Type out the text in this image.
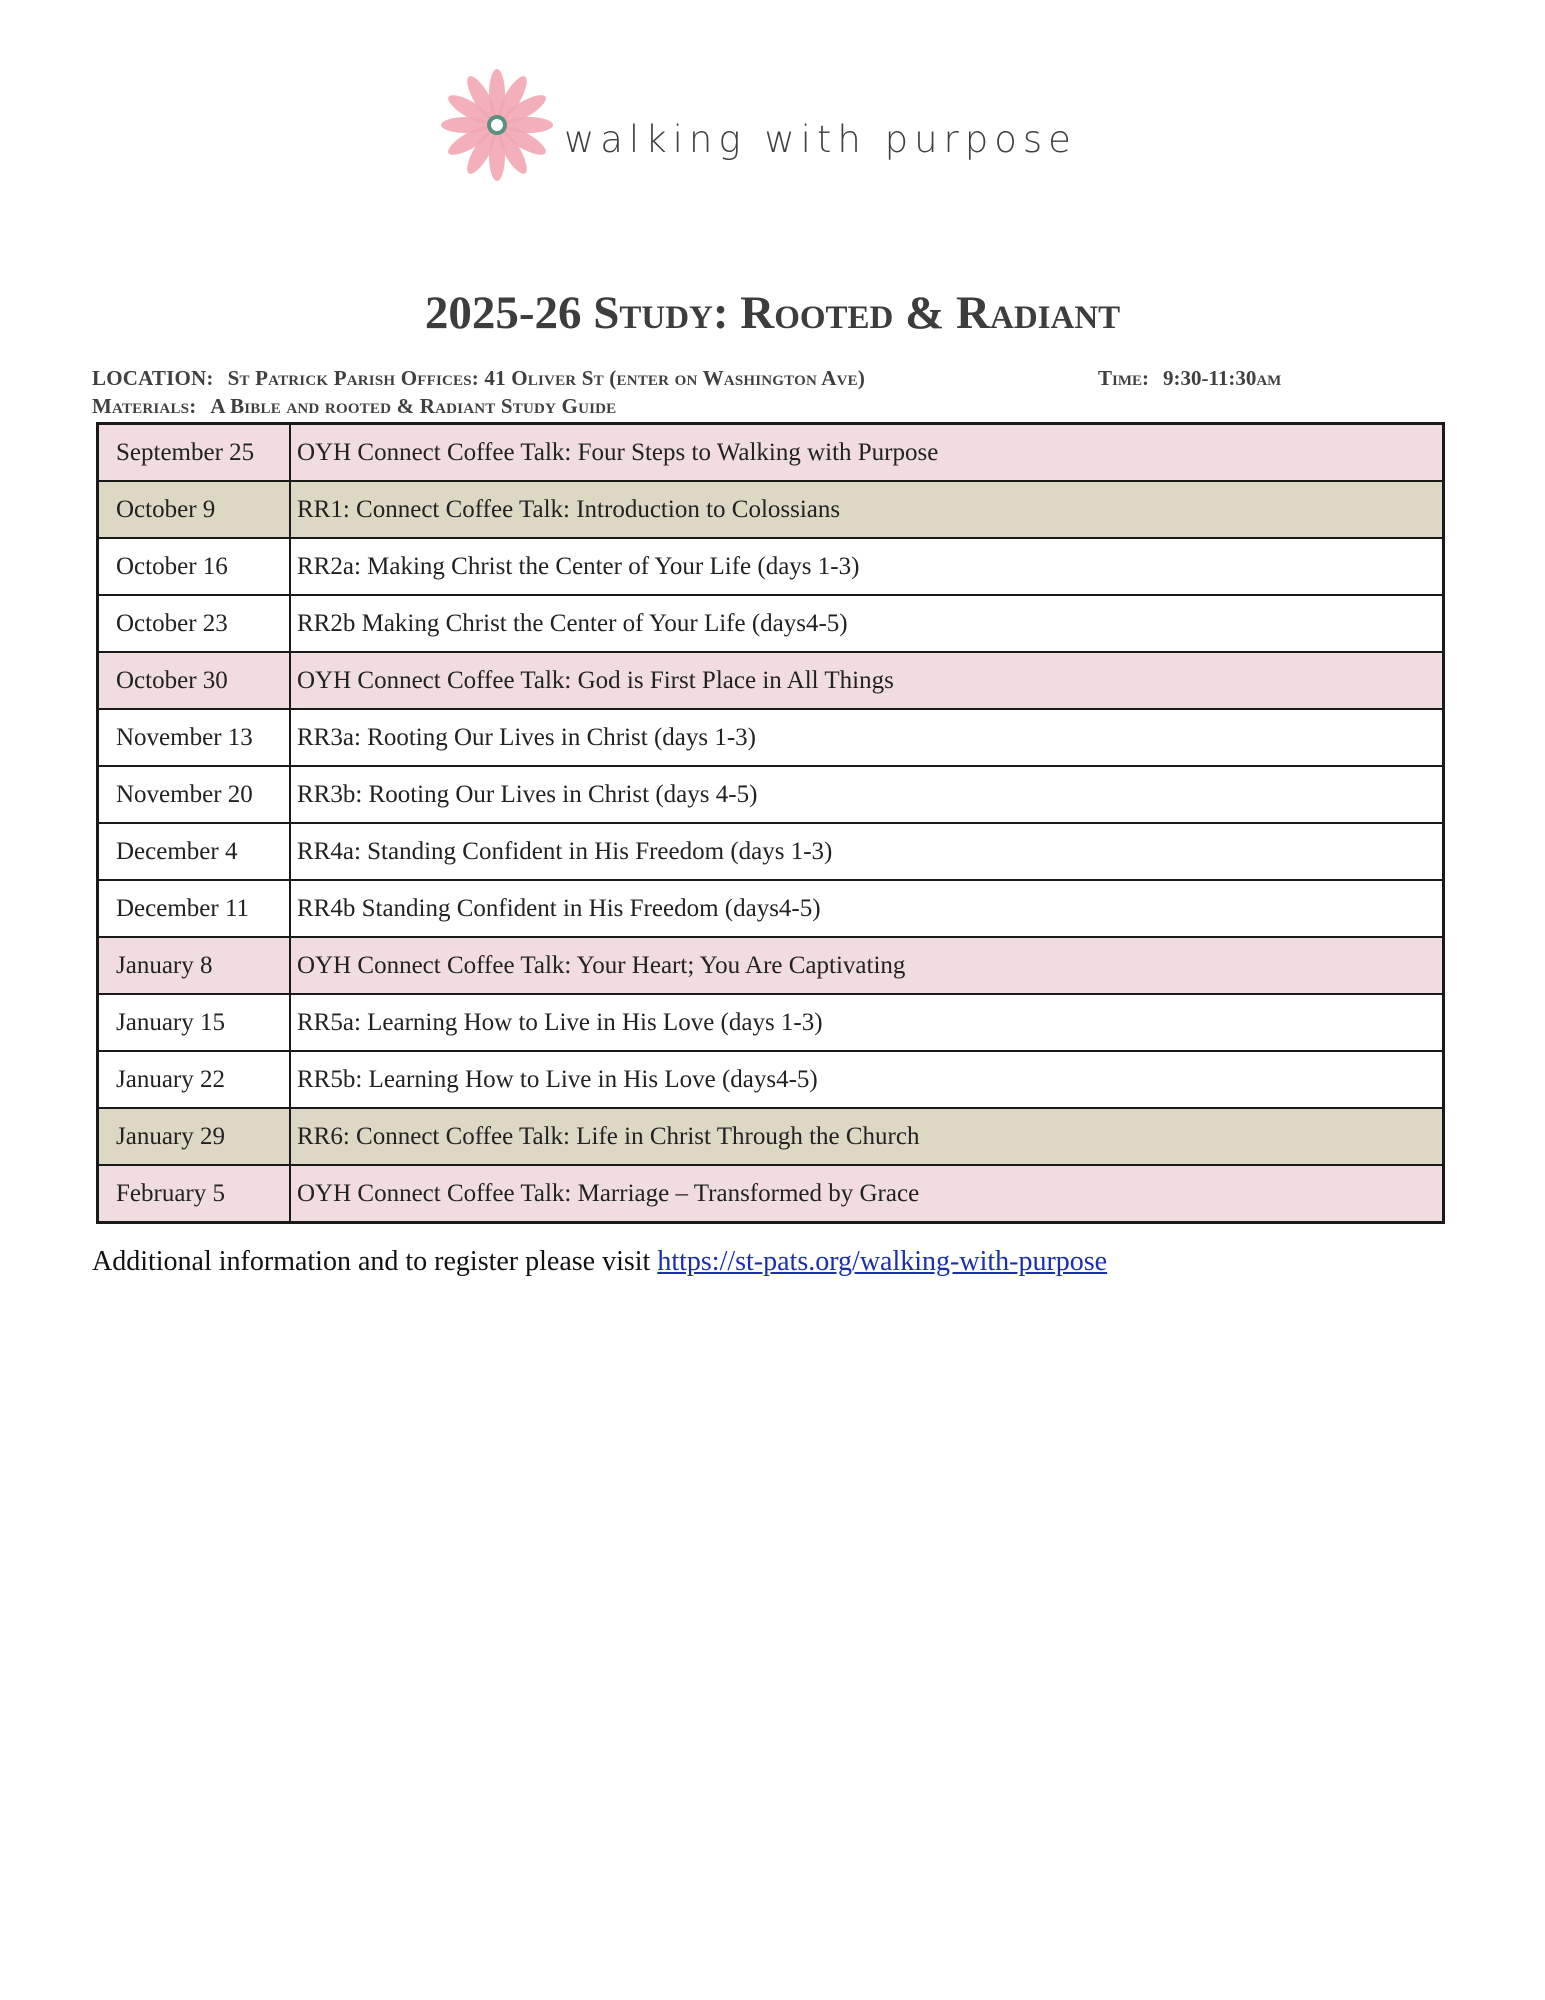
walking with purpose
2025-26 Study: Rooted & Radiant
LOCATION: St Patrick Parish Offices: 41 Oliver St (enter on Washington Ave)	Time: 9:30-11:30am
Materials: A Bible and rooted & Radiant Study Guide
September 25	OYH Connect Coffee Talk: Four Steps to Walking with Purpose
October 9	RR1: Connect Coffee Talk: Introduction to Colossians
October 16	RR2a: Making Christ the Center of Your Life (days 1-3)
October 23	RR2b Making Christ the Center of Your Life (days4-5)
October 30	OYH Connect Coffee Talk: God is First Place in All Things
November 13	RR3a: Rooting Our Lives in Christ (days 1-3)
November 20	RR3b: Rooting Our Lives in Christ (days 4-5)
December 4	RR4a: Standing Confident in His Freedom (days 1-3)
December 11	RR4b Standing Confident in His Freedom (days4-5)
January 8	OYH Connect Coffee Talk: Your Heart; You Are Captivating
January 15	RR5a: Learning How to Live in His Love (days 1-3)
January 22	RR5b: Learning How to Live in His Love (days4-5)
January 29	RR6: Connect Coffee Talk: Life in Christ Through the Church
February 5	OYH Connect Coffee Talk: Marriage – Transformed by Grace
Additional information and to register please visit https://st-pats.org/walking-with-purpose
